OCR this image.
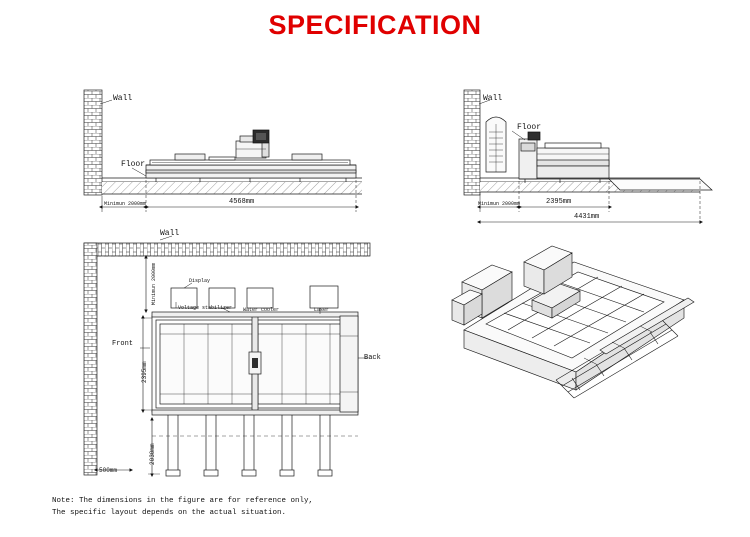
SPECIFICATION
Wall
Floor
Minimun 2000mm	4568mm
Wall
Floor
Minimun 2000mm	2395mm
4431mm
Wall
Minimun 2000mm	Display
Voltage stabilizer Water cooler	Laser
Front
Back
2395mm
2030mm
500mm
Note: The dimensions in the figure are for reference only,
The specific layout depends on the actual situation.
